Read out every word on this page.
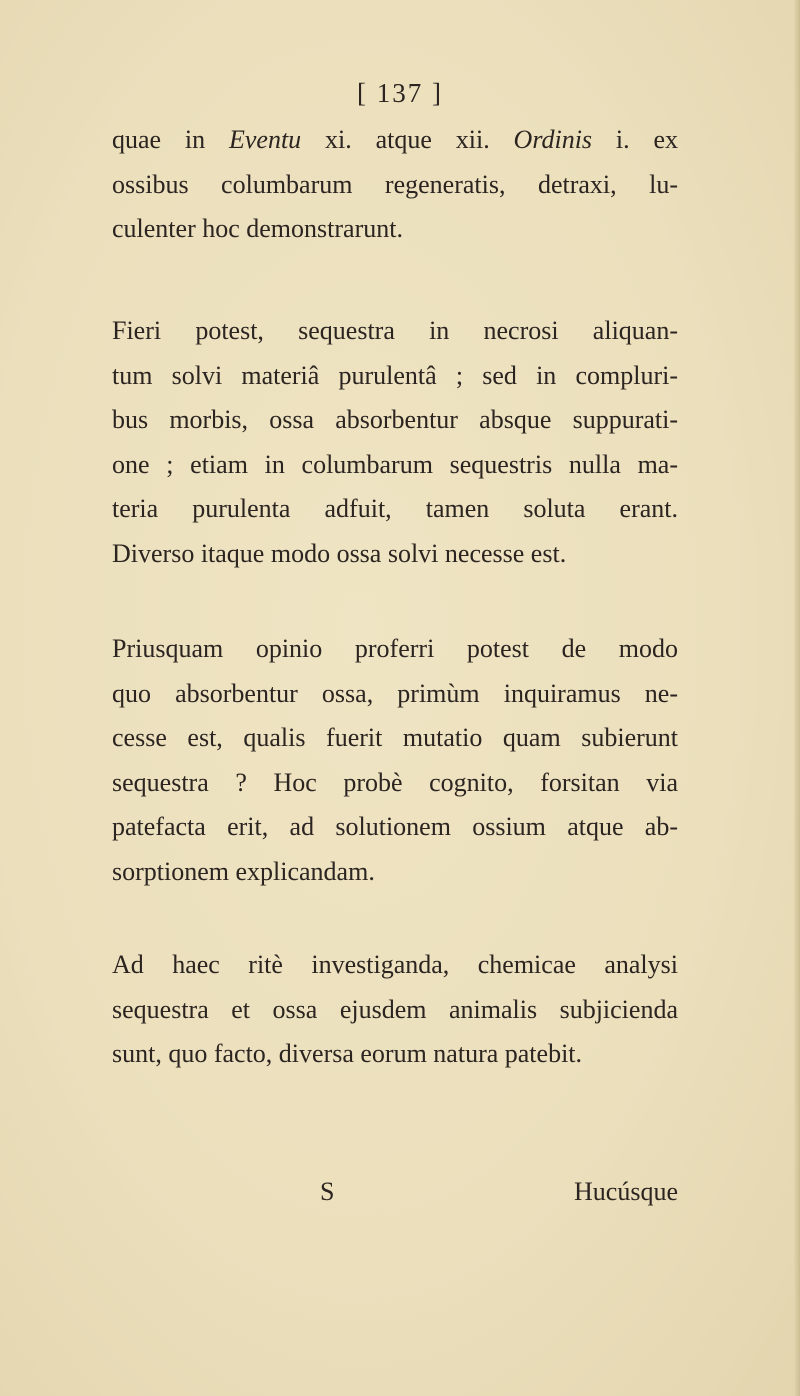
[ 137 ]
quae in Eventu xi. atque xii. Ordinis i. ex
ossibus columbarum regeneratis, detraxi, lu-
culenter hoc demonstrarunt.
Fieri potest, sequestra in necrosi aliquan-
tum solvi materiâ purulentâ ; sed in compluri-
bus morbis, ossa absorbentur absque suppurati-
one ; etiam in columbarum sequestris nulla ma-
teria purulenta adfuit, tamen soluta erant.
Diverso itaque modo ossa solvi necesse est.
Priusquam opinio proferri potest de modo
quo absorbentur ossa, primùm inquiramus ne-
cesse est, qualis fuerit mutatio quam subierunt
sequestra ? Hoc probè cognito, forsitan via
patefacta erit, ad solutionem ossium atque ab-
sorptionem explicandam.
Ad haec ritè investiganda, chemicae analysi
sequestra et ossa ejusdem animalis subjicienda
sunt, quo facto, diversa eorum natura patebit.
S	Hucúsque
